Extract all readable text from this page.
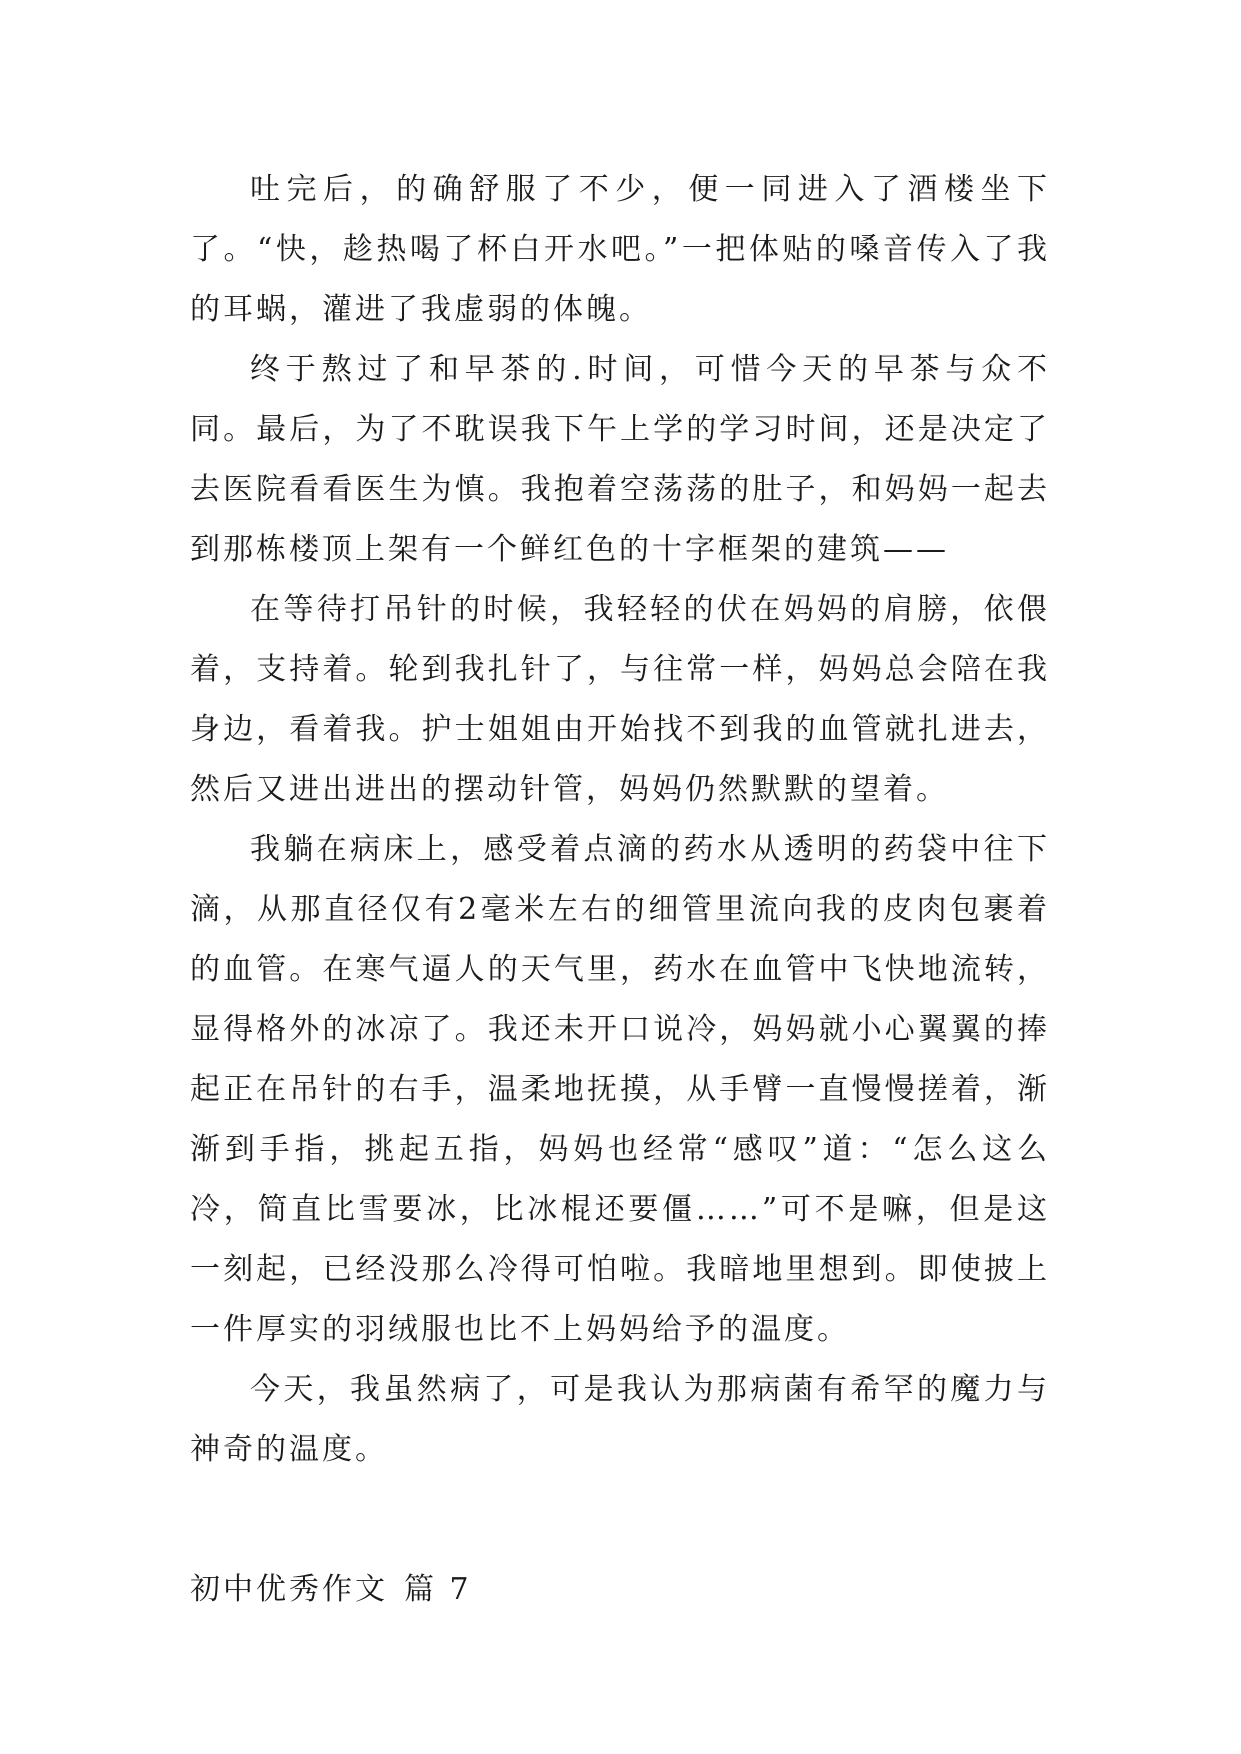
吐完后，的确舒服了不少，便一同进入了酒楼坐下了。“快，趁热喝了杯白开水吧。”一把体贴的嗓音传入了我的耳蜗，灌进了我虚弱的体魄。

终于熬过了和早茶的.时间，可惜今天的早茶与众不同。最后，为了不耽误我下午上学的学习时间，还是决定了去医院看看医生为慎。我抱着空荡荡的肚子，和妈妈一起去到那栋楼顶上架有一个鲜红色的十字框架的建筑——

在等待打吊针的时候，我轻轻的伏在妈妈的肩膀，依偎着，支持着。轮到我扎针了，与往常一样，妈妈总会陪在我身边，看着我。护士姐姐由开始找不到我的血管就扎进去，然后又进出进出的摆动针管，妈妈仍然默默的望着。

我躺在病床上，感受着点滴的药水从透明的药袋中往下滴，从那直径仅有2毫米左右的细管里流向我的皮肉包裹着的血管。在寒气逼人的天气里，药水在血管中飞快地流转，显得格外的冰凉了。我还未开口说冷，妈妈就小心翼翼的捧起正在吊针的右手，温柔地抚摸，从手臂一直慢慢搓着，渐渐到手指，挑起五指，妈妈也经常“感叹”道：“怎么这么冷，简直比雪要冰，比冰棍还要僵……”可不是嘛，但是这一刻起，已经没那么冷得可怕啦。我暗地里想到。即使披上一件厚实的羽绒服也比不上妈妈给予的温度。

今天，我虽然病了，可是我认为那病菌有希罕的魔力与神奇的温度。

初中优秀作文 篇 7
